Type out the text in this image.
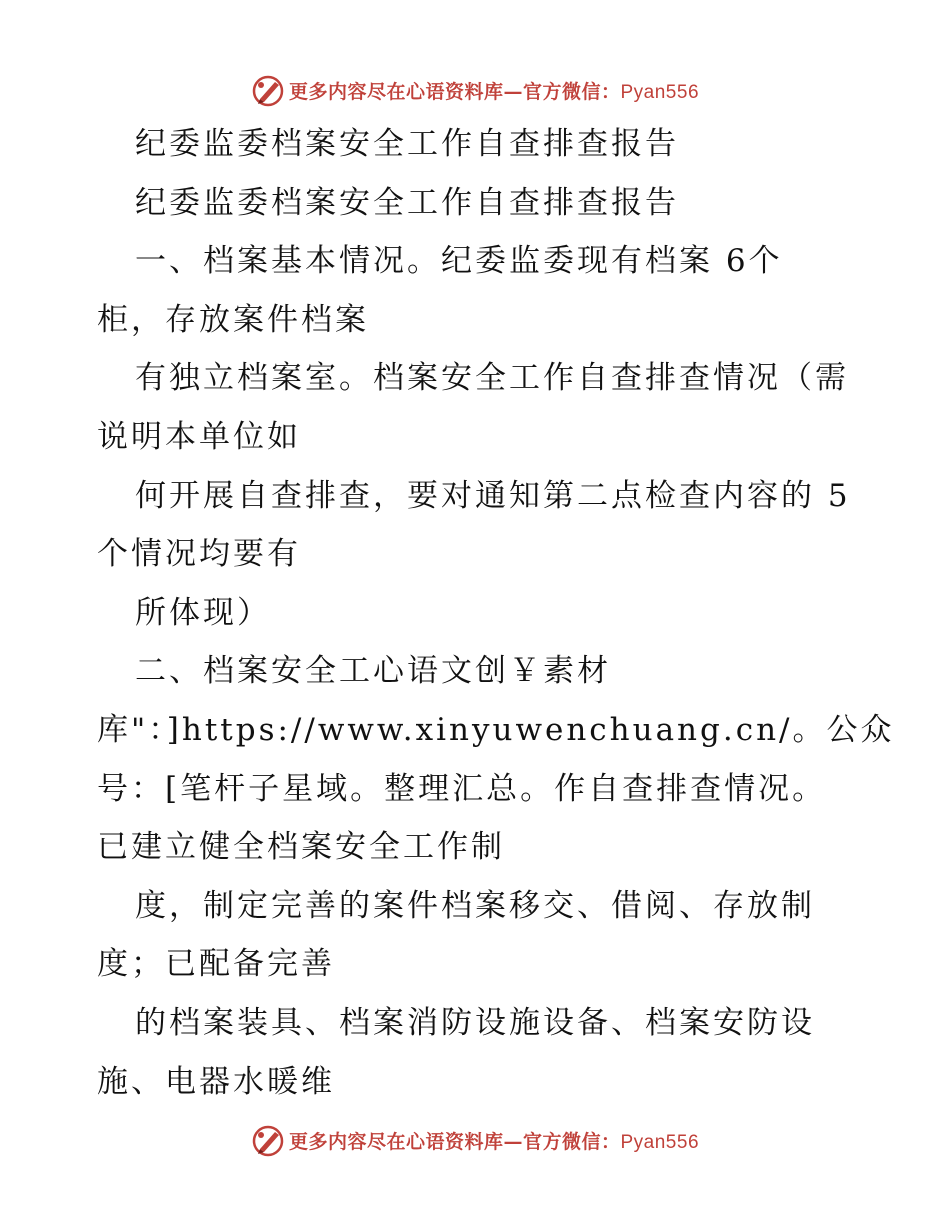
更多内容尽在心语资料库—官方微信：Pyan556
纪委监委档案安全工作自查排查报告
纪委监委档案安全工作自查排查报告
一、档案基本情况。纪委监委现有档案 6个
柜，存放案件档案
有独立档案室。档案安全工作自查排查情况（需
说明本单位如
何开展自查排查，要对通知第二点检查内容的 5
个情况均要有
所体现）
二、档案安全工心语文创￥素材
库"：]https://www.xinyuwenchuang.cn/。公众
号：[笔杆子星域。整理汇总。作自查排查情况。
已建立健全档案安全工作制
度，制定完善的案件档案移交、借阅、存放制
度；已配备完善
的档案装具、档案消防设施设备、档案安防设
施、电器水暖维
更多内容尽在心语资料库—官方微信：Pyan556
